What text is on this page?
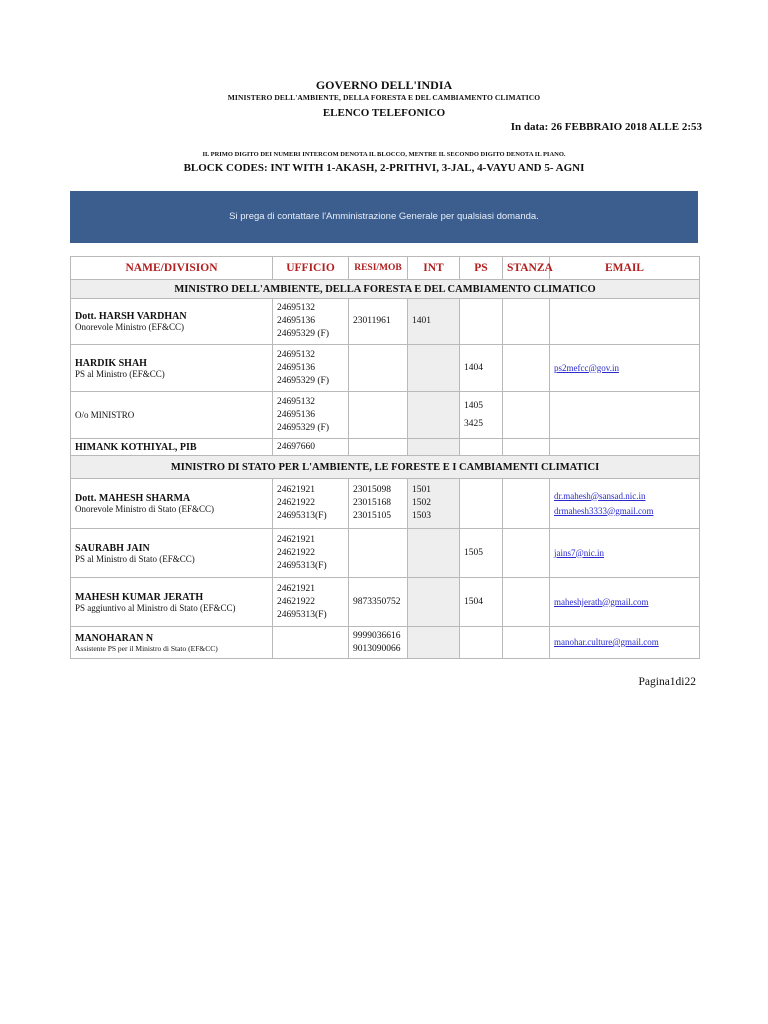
GOVERNO DELL'INDIA
MINISTERO DELL'AMBIENTE, DELLA FORESTA E DEL CAMBIAMENTO CLIMATICO
ELENCO TELEFONICO
In data: 26 FEBBRAIO 2018 ALLE 2:53
IL PRIMO DIGITO DEI NUMERI INTERCOM DENOTA IL BLOCCO, MENTRE IL SECONDO DIGITO DENOTA IL PIANO.
BLOCK CODES: INT WITH 1-AKASH, 2-PRITHVI, 3-JAL, 4-VAYU AND 5- AGNI
Si prega di contattare l'Amministrazione Generale per qualsiasi domanda.
NAME/DIVISION	UFFICIO	RESI/MOB	INT	PS	STANZA	EMAIL
MINISTRO DELL'AMBIENTE, DELLA FORESTA E DEL CAMBIAMENTO CLIMATICO						

Dott. HARSH VARDHAN
Onorevole Ministro (EF&CC)	24695132
24695136
24695329 (F)	23011961	1401			

HARDIK SHAH
PS al Ministro (EF&CC)	24695132
24695136
24695329 (F)			1404		ps2mefcc@gov.in

O/o MINISTRO	24695132
24695136
24695329 (F)			1405
3425		

HIMANK KOTHIYAL, PIB	24697660					

MINISTRO DI STATO PER L'AMBIENTE, LE FORESTE E I CAMBIAMENTI CLIMATICI						

Dott. MAHESH SHARMA
Onorevole Ministro di Stato (EF&CC)	24621921
24621922
24695313(F)	23015098
23015168
23015105	1501
1502
1503			dr.mahesh@sansad.nic.in
drmahesh3333@gmail.com

SAURABH JAIN
PS al Ministro di Stato (EF&CC)	24621921
24621922
24695313(F)			1505		jains7@nic.in

MAHESH KUMAR JERATH
PS aggiuntivo al Ministro di Stato (EF&CC)	24621921
24621922
24695313(F)	9873350752		1504		maheshjerath@gmail.com

MANOHARAN N
Assistente PS per il Ministro di Stato (EF&CC)		9999036616
9013090066				manohar.culture@gmail.com
Pagina1di22
